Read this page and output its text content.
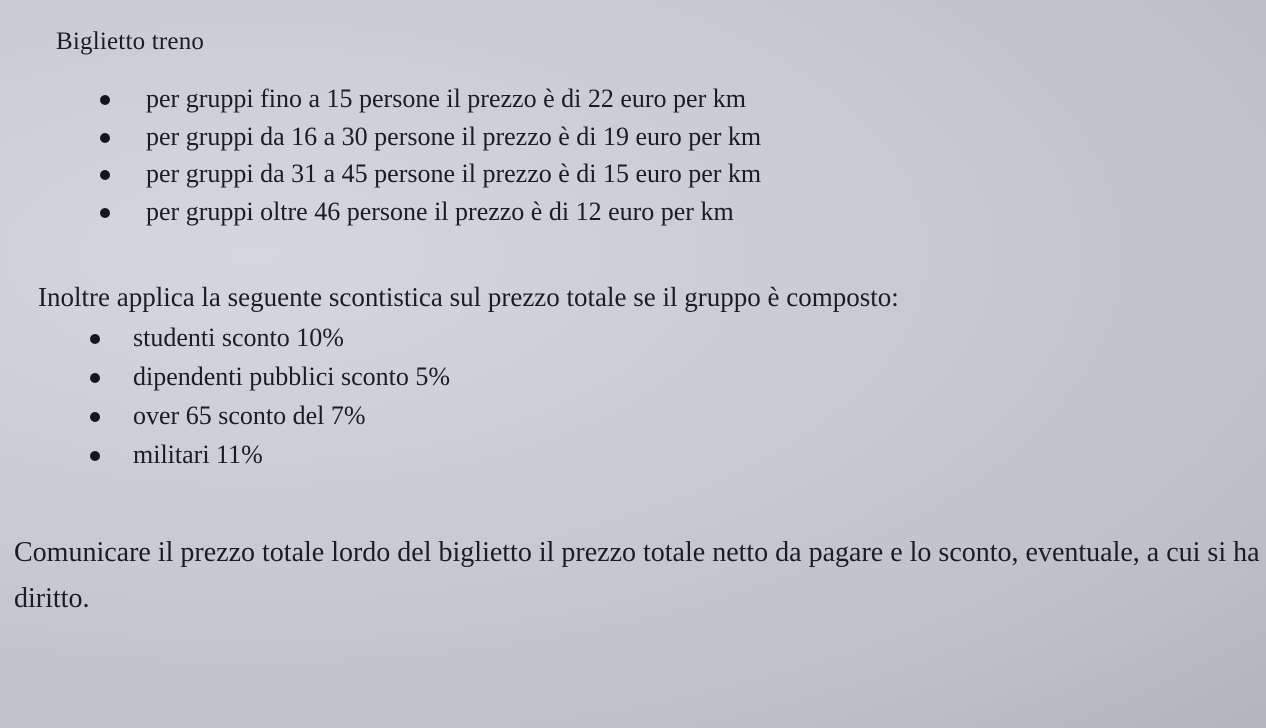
Biglietto treno
per gruppi fino a 15 persone il prezzo è di 22 euro per km
per gruppi da 16 a 30 persone il prezzo è di 19 euro per km
per gruppi da 31 a 45 persone il prezzo è di 15 euro per km
per gruppi oltre 46 persone il prezzo è di 12 euro per km
Inoltre applica la seguente scontistica sul prezzo totale se il gruppo è composto:
studenti sconto 10%
dipendenti pubblici sconto 5%
over 65 sconto del 7%
militari 11%
Comunicare il prezzo totale lordo del biglietto il prezzo totale netto da pagare e lo sconto, eventuale, a cui si ha diritto.
